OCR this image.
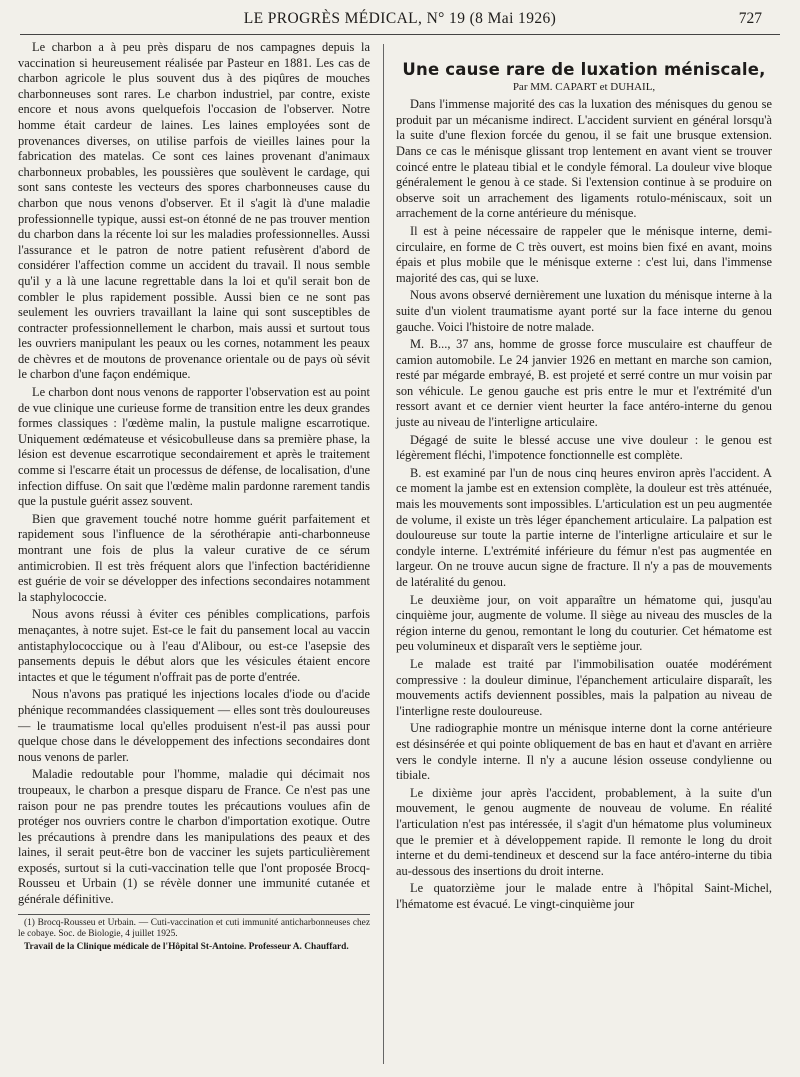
LE PROGRÈS MÉDICAL, N° 19 (8 Mai 1926)	727

Le charbon a à peu près disparu de nos campagnes depuis la vaccination si heureusement réalisée par Pasteur en 1881. Les cas de charbon agricole le plus souvent dus à des piqûres de mouches charbonneuses sont rares. Le charbon industriel, par contre, existe encore et nous avons quelquefois l'occasion de l'observer. Notre homme était cardeur de laines. Les laines employées sont de provenances diverses, on utilise parfois de vieilles laines pour la fabrication des matelas. Ce sont ces laines provenant d'animaux charbonneux probables, les poussières que soulèvent le cardage, qui sont sans conteste les vecteurs des spores charbonneuses cause du charbon que nous venons d'observer. Et il s'agit là d'une maladie professionnelle typique, aussi est-on étonné de ne pas trouver mention du charbon dans la récente loi sur les maladies professionnelles. Aussi l'assurance et le patron de notre patient refusèrent d'abord de considérer l'affection comme un accident du travail. Il nous semble qu'il y a là une lacune regrettable dans la loi et qu'il serait bon de combler le plus rapidement possible. Aussi bien ce ne sont pas seulement les ouvriers travaillant la laine qui sont susceptibles de contracter professionnellement le charbon, mais aussi et surtout tous les ouvriers manipulant les peaux ou les cornes, notamment les peaux de chèvres et de moutons de provenance orientale ou de pays où sévit le charbon d'une façon endémique.

Le charbon dont nous venons de rapporter l'observation est au point de vue clinique une curieuse forme de transition entre les deux grandes formes classiques : l'œdème malin, la pustule maligne escarrotique. Uniquement œdémateuse et vésicobulleuse dans sa première phase, la lésion est devenue escarrotique secondairement et après le traitement comme si l'escarre était un processus de défense, de localisation, d'une infection diffuse. On sait que l'œdème malin pardonne rarement tandis que la pustule guérit assez souvent.

Bien que gravement touché notre homme guérit parfaitement et rapidement sous l'influence de la sérothérapie anti-charbonneuse montrant une fois de plus la valeur curative de ce sérum antimicrobien. Il est très fréquent alors que l'infection bactéridienne est guérie de voir se développer des infections secondaires notamment la staphylococcie.

Nous avons réussi à éviter ces pénibles complications, parfois menaçantes, à notre sujet. Est-ce le fait du pansement local au vaccin antistaphylococcique ou à l'eau d'Alibour, ou est-ce l'asepsie des pansements depuis le début alors que les vésicules étaient encore intactes et que le tégument n'offrait pas de porte d'entrée.

Nous n'avons pas pratiqué les injections locales d'iode ou d'acide phénique recommandées classiquement — elles sont très douloureuses — le traumatisme local qu'elles produisent n'est-il pas aussi pour quelque chose dans le développement des infections secondaires dont nous venons de parler.

Maladie redoutable pour l'homme, maladie qui décimait nos troupeaux, le charbon a presque disparu de France. Ce n'est pas une raison pour ne pas prendre toutes les précautions voulues afin de protéger nos ouvriers contre le charbon d'importation exotique. Outre les précautions à prendre dans les manipulations des peaux et des laines, il serait peut-être bon de vacciner les sujets particulièrement exposés, surtout si la cuti-vaccination telle que l'ont proposée Brocq-Rousseu et Urbain (1) se révèle donner une immunité cutanée et générale définitive.

(1) Brocq-Rousseu et Urbain. — Cuti-vaccination et cuti immunité anticharbonneuses chez le cobaye. Soc. de Biologie, 4 juillet 1925.

Travail de la Clinique médicale de l'Hôpital St-Antoine. Professeur A. Chauffard.

Une cause rare de luxation méniscale,

Par MM. CAPART et DUHAIL,

Dans l'immense majorité des cas la luxation des ménisques du genou se produit par un mécanisme indirect. L'accident survient en général lorsqu'à la suite d'une flexion forcée du genou, il se fait une brusque extension. Dans ce cas le ménisque glissant trop lentement en avant vient se trouver coincé entre le plateau tibial et le condyle fémoral. La douleur vive bloque généralement le genou à ce stade. Si l'extension continue à se produire on observe soit un arrachement des ligaments rotulo-méniscaux, soit un arrachement de la corne antérieure du ménisque.

Il est à peine nécessaire de rappeler que le ménisque interne, demi-circulaire, en forme de C très ouvert, est moins bien fixé en avant, moins épais et plus mobile que le ménisque externe : c'est lui, dans l'immense majorité des cas, qui se luxe.

Nous avons observé dernièrement une luxation du ménisque interne à la suite d'un violent traumatisme ayant porté sur la face interne du genou gauche. Voici l'histoire de notre malade.

M. B..., 37 ans, homme de grosse force musculaire est chauffeur de camion automobile. Le 24 janvier 1926 en mettant en marche son camion, resté par mégarde embrayé, B. est projeté et serré contre un mur voisin par son véhicule. Le genou gauche est pris entre le mur et l'extrémité d'un ressort avant et ce dernier vient heurter la face antéro-interne du genou juste au niveau de l'interligne articulaire.

Dégagé de suite le blessé accuse une vive douleur : le genou est légèrement fléchi, l'impotence fonctionnelle est complète.

B. est examiné par l'un de nous cinq heures environ après l'accident. A ce moment la jambe est en extension complète, la douleur est très atténuée, mais les mouvements sont impossibles. L'articulation est un peu augmentée de volume, il existe un très léger épanchement articulaire. La palpation est douloureuse sur toute la partie interne de l'interligne articulaire et sur le condyle interne. L'extrémité inférieure du fémur n'est pas augmentée en largeur. On ne trouve aucun signe de fracture. Il n'y a pas de mouvements de latéralité du genou.

Le deuxième jour, on voit apparaître un hématome qui, jusqu'au cinquième jour, augmente de volume. Il siège au niveau des muscles de la région interne du genou, remontant le long du couturier. Cet hématome est peu volumineux et disparaît vers le septième jour.

Le malade est traité par l'immobilisation ouatée modérément compressive : la douleur diminue, l'épanchement articulaire disparaît, les mouvements actifs deviennent possibles, mais la palpation au niveau de l'interligne reste douloureuse.

Une radiographie montre un ménisque interne dont la corne antérieure est désinsérée et qui pointe obliquement de bas en haut et d'avant en arrière vers le condyle interne. Il n'y a aucune lésion osseuse condylienne ou tibiale.

Le dixième jour après l'accident, probablement, à la suite d'un mouvement, le genou augmente de nouveau de volume. En réalité l'articulation n'est pas intéressée, il s'agit d'un hématome plus volumineux que le premier et à développement rapide. Il remonte le long du droit interne et du demi-tendineux et descend sur la face antéro-interne du tibia au-dessous des insertions du droit interne.

Le quatorzième jour le malade entre à l'hôpital Saint-Michel, l'hématome est évacué. Le vingt-cinquième jour
